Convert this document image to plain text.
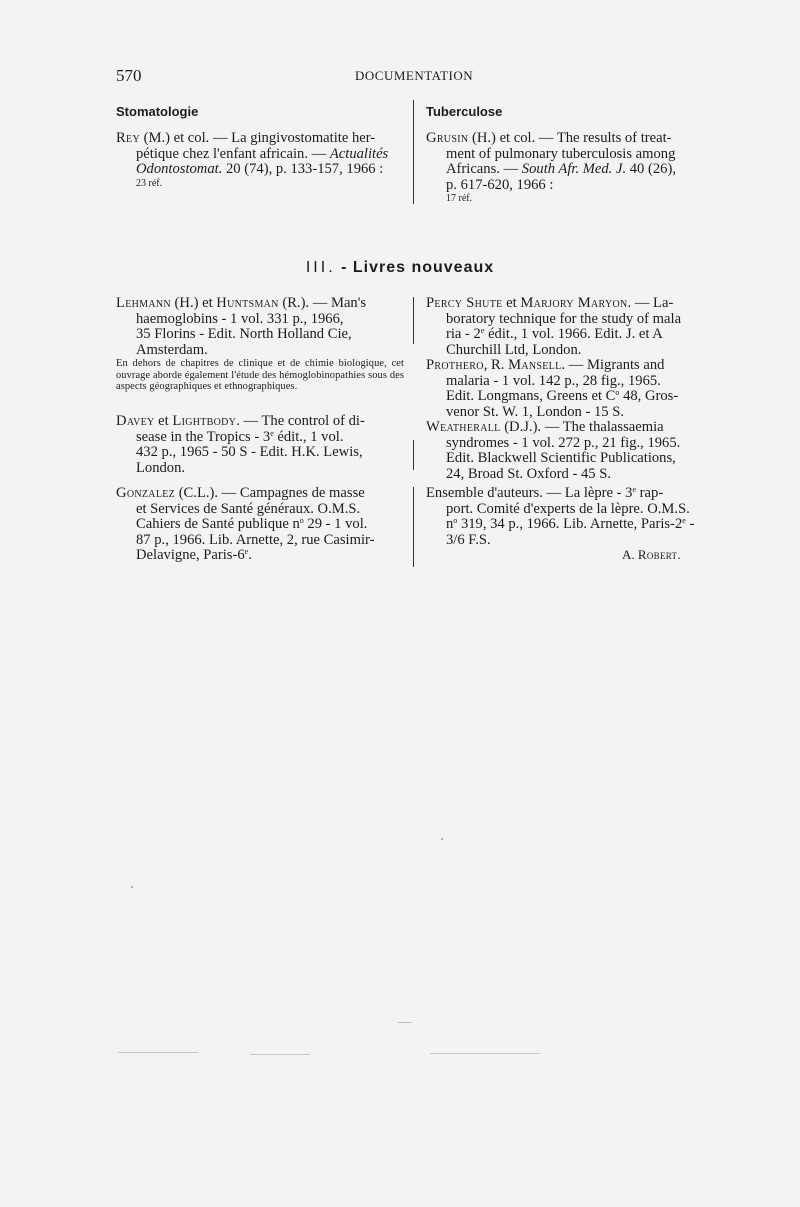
570	DOCUMENTATION
Stomatologie
Rey (M.) et col. — La gingivostomatite her-
pétique chez l'enfant africain. — Actualités
Odontostomat. 20 (74), p. 133-157, 1966 :
23 réf.
Tuberculose
Grusin (H.) et col. — The results of treat-
ment of pulmonary tuberculosis among
Africans. — South Afr. Med. J. 40 (26),
p. 617-620, 1966 :
17 réf.
III. - Livres nouveaux
Lehmann (H.) et Huntsman (R.). — Man's
haemoglobins - 1 vol. 331 p., 1966,
35 Florins - Edit. North Holland Cie,
Amsterdam.
En dehors de chapitres de clinique et de chimie biologique, cet ouvrage aborde également l'étude des hémoglobinopathies sous des aspects géographiques et ethnographiques.
Davey et Lightbody. — The control of di-
sease in the Tropics - 3e édit., 1 vol.
432 p., 1965 - 50 S - Edit. H.K. Lewis,
London.
Gonzalez (C.L.). — Campagnes de masse
et Services de Santé généraux. O.M.S.
Cahiers de Santé publique $n^o$ 29 - 1 vol.
87 p., 1966. Lib. Arnette, 2, rue Casimir-
Delavigne, Paris-6e.
Percy Shute et Marjory Maryon. — La-
boratory technique for the study of mala
ria - 2e édit., 1 vol. 1966. Edit. J. et A
Churchill Ltd, London.
Prothero, R. Mansell. — Migrants and
malaria - 1 vol. 142 p., 28 fig., 1965.
Edit. Longmans, Greens et $C^o$ 48, Gros-
venor St. W. 1, London - 15 S.
Weatherall (D.J.). — The thalassaemia
syndromes - 1 vol. 272 p., 21 fig., 1965.
Edit. Blackwell Scientific Publications,
24, Broad St. Oxford - 45 S.
Ensemble d'auteurs. — La lèpre - 3e rap-
port. Comité d'experts de la lèpre. O.M.S.
$n^o$ 319, 34 p., 1966. Lib. Arnette, Paris-2e -
3/6 F.S.
A. Robert.
